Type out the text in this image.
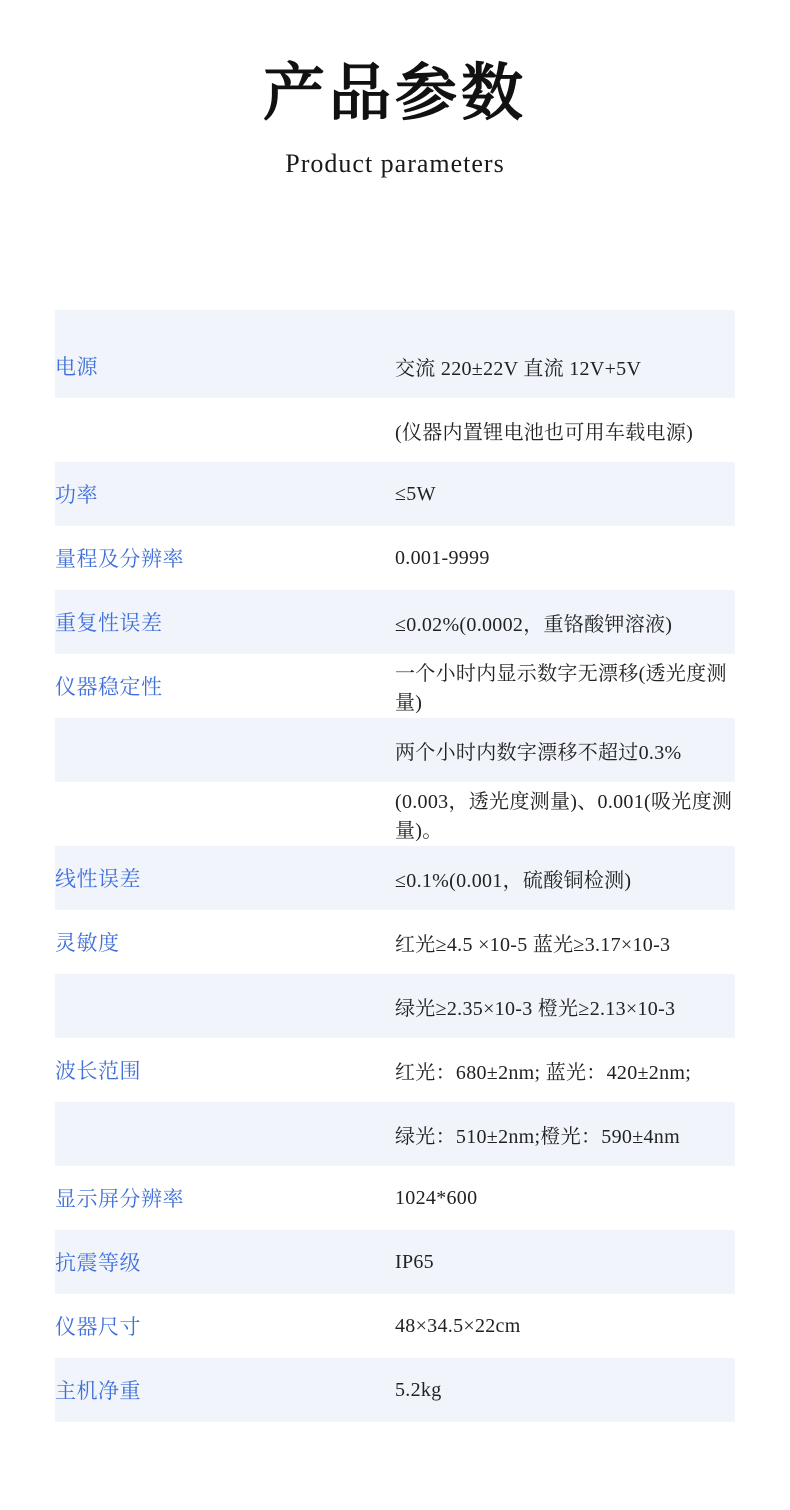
产品参数
Product parameters

电源	交流 220±22V 直流 12V+5V
	(仪器内置锂电池也可用车载电源)
功率	≤5W
量程及分辨率	0.001-9999
重复性误差	≤0.02%(0.0002，重铬酸钾溶液)
仪器稳定性	一个小时内显示数字无漂移(透光度测量)
	两个小时内数字漂移不超过0.3%
	(0.003，透光度测量)、0.001(吸光度测量)。
线性误差	≤0.1%(0.001，硫酸铜检测)
灵敏度	红光≥4.5 ×10-5 蓝光≥3.17×10-3
	绿光≥2.35×10-3 橙光≥2.13×10-3
波长范围	红光：680±2nm; 蓝光：420±2nm;
	绿光：510±2nm;橙光：590±4nm
显示屏分辨率	1024*600
抗震等级	IP65
仪器尺寸	48×34.5×22cm
主机净重	5.2kg
